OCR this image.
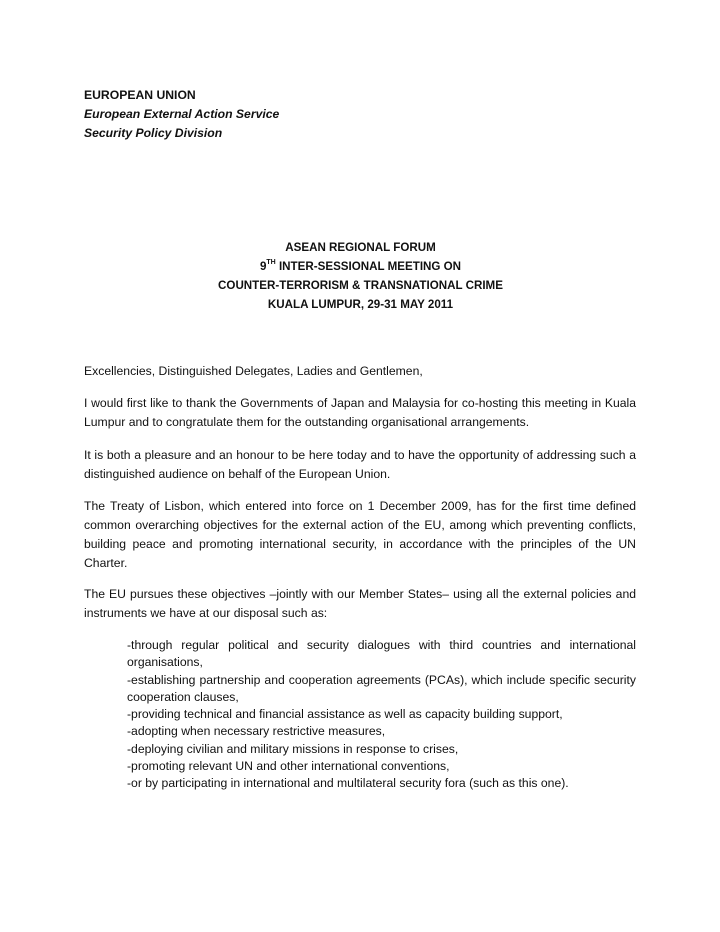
EUROPEAN UNION
European External Action Service
Security Policy Division
ASEAN REGIONAL FORUM
9TH INTER-SESSIONAL MEETING ON
COUNTER-TERRORISM & TRANSNATIONAL CRIME
KUALA LUMPUR, 29-31 MAY 2011

Excellencies, Distinguished Delegates, Ladies and Gentlemen,

I would first like to thank the Governments of Japan and Malaysia for co-hosting this meeting in Kuala Lumpur and to congratulate them for the outstanding organisational arrangements.

It is both a pleasure and an honour to be here today and to have the opportunity of addressing such a distinguished audience on behalf of the European Union.

The Treaty of Lisbon, which entered into force on 1 December 2009, has for the first time defined common overarching objectives for the external action of the EU, among which preventing conflicts, building peace and promoting international security, in accordance with the principles of the UN Charter.

The EU pursues these objectives –jointly with our Member States– using all the external policies and instruments we have at our disposal such as:

-through regular political and security dialogues with third countries and international organisations,
-establishing partnership and cooperation agreements (PCAs), which include specific security cooperation clauses,
-providing technical and financial assistance as well as capacity building support,
-adopting when necessary restrictive measures,
-deploying civilian and military missions in response to crises,
-promoting relevant UN and other international conventions,
-or by participating in international and multilateral security fora (such as this one).
